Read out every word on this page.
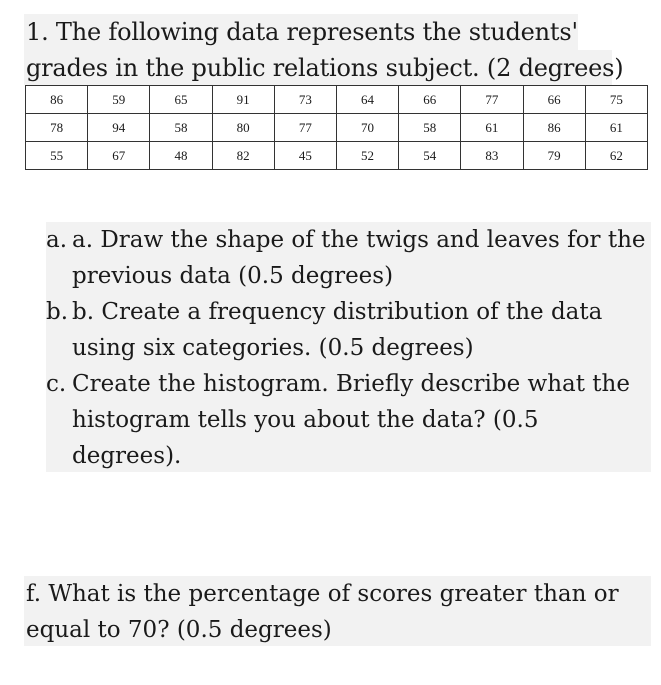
1. The following data represents the students'
grades in the public relations subject. (2 degrees)
86	59	65	91	73	64	66	77	66	75
78	94	58	80	77	70	58	61	86	61
55	67	48	82	45	52	54	83	79	62
a. a. Draw the shape of the twigs and leaves for the previous data (0.5 degrees)
b. b. Create a frequency distribution of the data using six categories. (0.5 degrees)
c. Create the histogram. Briefly describe what the histogram tells you about the data? (0.5 degrees).
f. What is the percentage of scores greater than or equal to 70? (0.5 degrees)
